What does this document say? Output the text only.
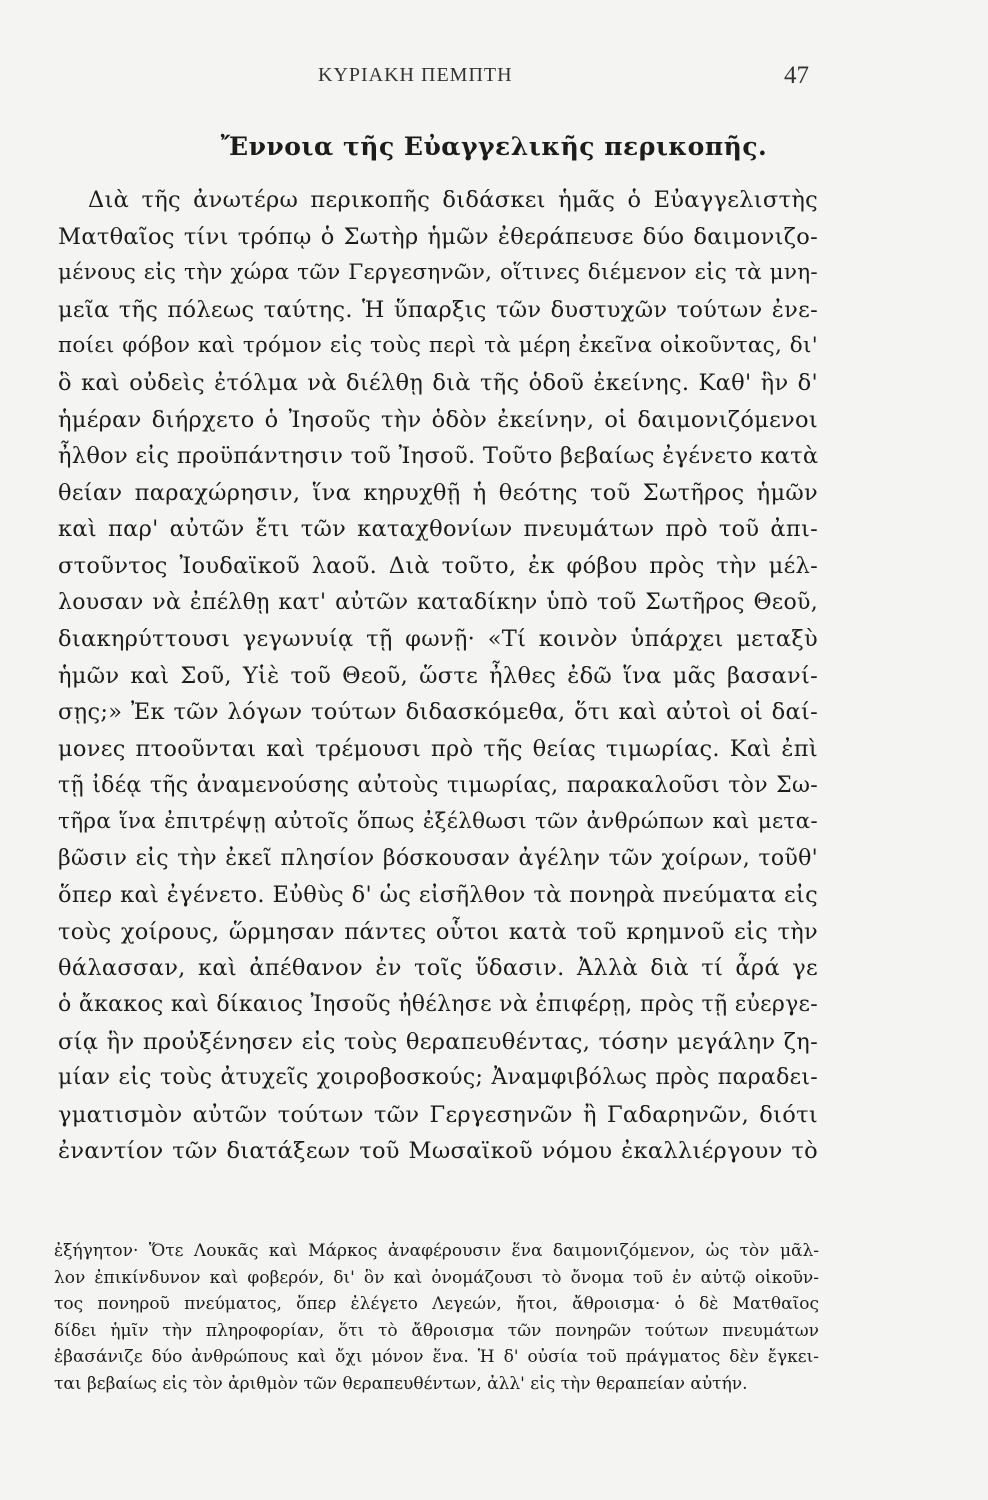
ΚΥΡΙΑΚΗ ΠΕΜΠΤΗ	47
Ἔννοια τῆς Εὐαγγελικῆς περικοπῆς.
Διὰ τῆς ἀνωτέρω περικοπῆς διδάσκει ἡμᾶς ὁ Εὐαγγελιστὴς
Ματθαῖος τίνι τρόπῳ ὁ Σωτὴρ ἡμῶν ἐθεράπευσε δύο δαιμονιζο-
μένους εἰς τὴν χώρα τῶν Γεργεσηνῶν, οἵτινες διέμενον εἰς τὰ μνη-
μεῖα τῆς πόλεως ταύτης. Ἡ ὕπαρξις τῶν δυστυχῶν τούτων ἐνε-
ποίει φόβον καὶ τρόμον εἰς τοὺς περὶ τὰ μέρη ἐκεῖνα οἰκοῦντας, δι'
ὃ καὶ οὐδεὶς ἐτόλμα νὰ διέλθῃ διὰ τῆς ὁδοῦ ἐκείνης. Καθ' ἣν δ'
ἡμέραν διήρχετο ὁ Ἰησοῦς τὴν ὁδὸν ἐκείνην, οἱ δαιμονιζόμενοι
ἦλθον εἰς προϋπάντησιν τοῦ Ἰησοῦ. Τοῦτο βεβαίως ἐγένετο κατὰ
θείαν παραχώρησιν, ἵνα κηρυχθῇ ἡ θεότης τοῦ Σωτῆρος ἡμῶν
καὶ παρ' αὐτῶν ἔτι τῶν καταχθονίων πνευμάτων πρὸ τοῦ ἀπι-
στοῦντος Ἰουδαϊκοῦ λαοῦ. Διὰ τοῦτο, ἐκ φόβου πρὸς τὴν μέλ-
λουσαν νὰ ἐπέλθῃ κατ' αὐτῶν καταδίκην ὑπὸ τοῦ Σωτῆρος Θεοῦ,
διακηρύττουσι γεγωνυίᾳ τῇ φωνῇ· «Τί κοινὸν ὑπάρχει μεταξὺ
ἡμῶν καὶ Σοῦ, Υἱὲ τοῦ Θεοῦ, ὥστε ἦλθες ἐδῶ ἵνα μᾶς βασανί-
σῃς;» Ἐκ τῶν λόγων τούτων διδασκόμεθα, ὅτι καὶ αὐτοὶ οἱ δαί-
μονες πτοοῦνται καὶ τρέμουσι πρὸ τῆς θείας τιμωρίας. Καὶ ἐπὶ
τῇ ἰδέᾳ τῆς ἀναμενούσης αὐτοὺς τιμωρίας, παρακαλοῦσι τὸν Σω-
τῆρα ἵνα ἐπιτρέψῃ αὐτοῖς ὅπως ἐξέλθωσι τῶν ἀνθρώπων καὶ μετα-
βῶσιν εἰς τὴν ἐκεῖ πλησίον βόσκουσαν ἀγέλην τῶν χοίρων, τοῦθ'
ὅπερ καὶ ἐγένετο. Εὐθὺς δ' ὡς εἰσῆλθον τὰ πονηρὰ πνεύματα εἰς
τοὺς χοίρους, ὥρμησαν πάντες οὗτοι κατὰ τοῦ κρημνοῦ εἰς τὴν
θάλασσαν, καὶ ἀπέθανον ἐν τοῖς ὕδασιν. Ἀλλὰ διὰ τί ἆρά γε
ὁ ἄκακος καὶ δίκαιος Ἰησοῦς ἠθέλησε νὰ ἐπιφέρῃ, πρὸς τῇ εὐεργε-
σίᾳ ἣν προὐξένησεν εἰς τοὺς θεραπευθέντας, τόσην μεγάλην ζη-
μίαν εἰς τοὺς ἀτυχεῖς χοιροβοσκούς; Ἀναμφιβόλως πρὸς παραδει-
γματισμὸν αὐτῶν τούτων τῶν Γεργεσηνῶν ἢ Γαδαρηνῶν, διότι
ἐναντίον τῶν διατάξεων τοῦ Μωσαϊκοῦ νόμου ἐκαλλιέργουν τὸ
ἐξήγητον· Ὅτε Λουκᾶς καὶ Μάρκος ἀναφέρουσιν ἕνα δαιμονιζόμενον, ὡς τὸν μᾶλ-
λον ἐπικίνδυνον καὶ φοβερόν, δι' ὃν καὶ ὀνομάζουσι τὸ ὄνομα τοῦ ἐν αὐτῷ οἰκοῦν-
τος πονηροῦ πνεύματος, ὅπερ ἐλέγετο Λεγεών, ἤτοι, ἄθροισμα· ὁ δὲ Ματθαῖος
δίδει ἡμῖν τὴν πληροφορίαν, ὅτι τὸ ἄθροισμα τῶν πονηρῶν τούτων πνευμάτων
ἐβασάνιζε δύο ἀνθρώπους καὶ ὄχι μόνον ἕνα. Ἡ δ' οὐσία τοῦ πράγματος δὲν ἔγκει-
ται βεβαίως εἰς τὸν ἀριθμὸν τῶν θεραπευθέντων, ἀλλ' εἰς τὴν θεραπείαν αὐτήν.
